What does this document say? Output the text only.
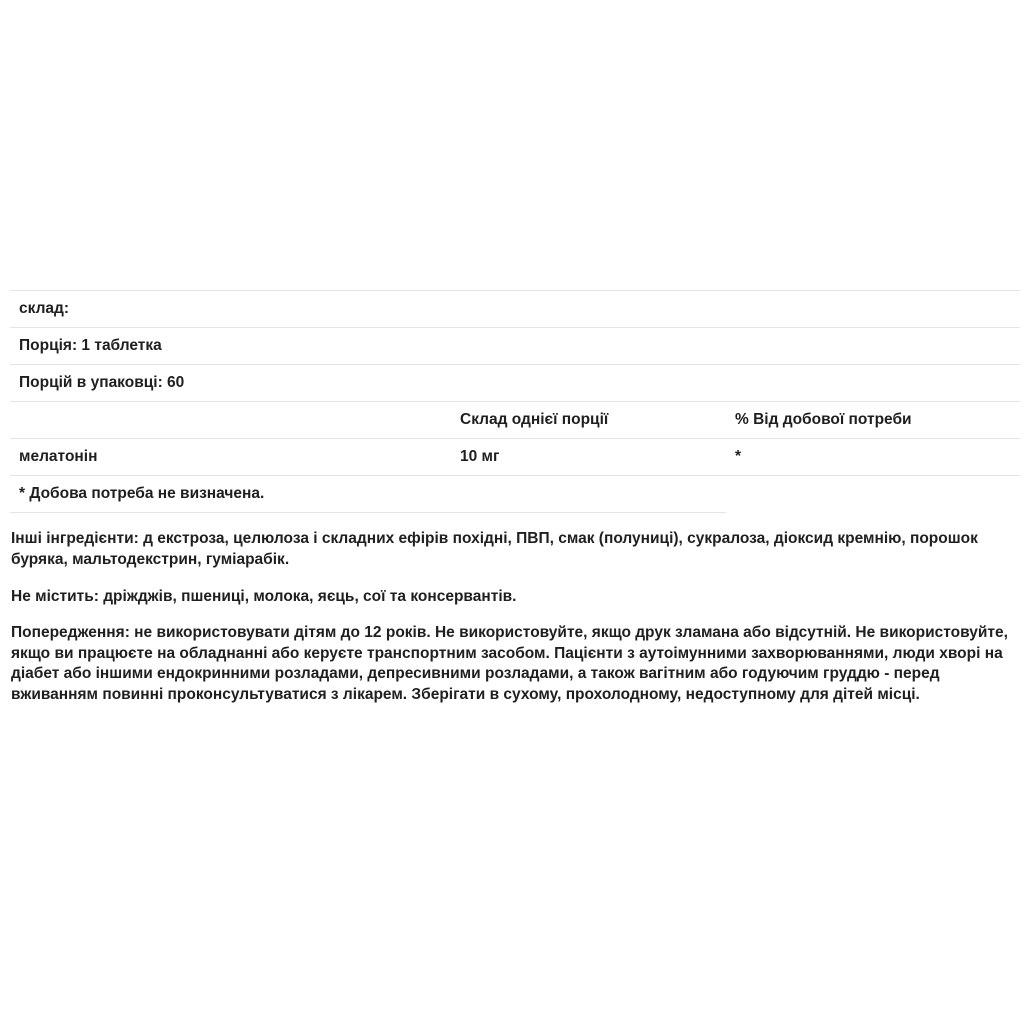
склад:		
Порція: 1 таблетка		
Порцій в упаковці: 60		
	Склад однієї порції	% Від добової потреби
мелатонін	10 мг	*
* Добова потреба не визначена.		

Інші інгредієнти: д екстроза, целюлоза і складних ефірів похідні, ПВП, смак (полуниці), сукралоза, діоксид кремнію, порошок буряка, мальтодекстрин, гуміарабік.

Не містить: дріжджів, пшениці, молока, яєць, сої та консервантів.

Попередження: не використовувати дітям до 12 років. Не використовуйте, якщо друк зламана або відсутній. Не використовуйте, якщо ви працюєте на обладнанні або керуєте транспортним засобом. Пацієнти з аутоімунними захворюваннями, люди хворі на діабет або іншими ендокринними розладами, депресивними розладами, а також вагітним або годуючим груддю - перед вживанням повинні проконсультуватися з лікарем. Зберігати в сухому, прохолодному, недоступному для дітей місці.
